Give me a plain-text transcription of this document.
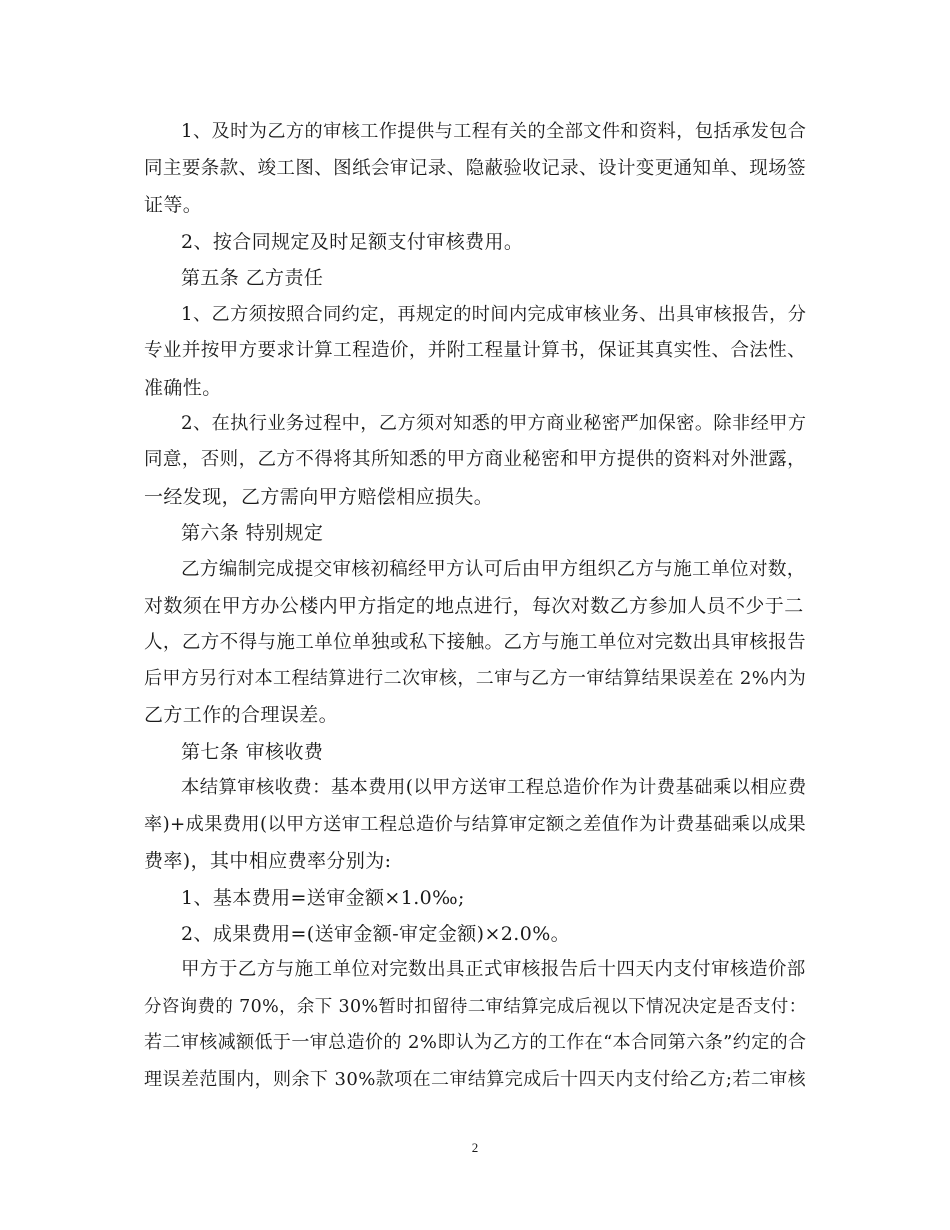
1、及时为乙方的审核工作提供与工程有关的全部文件和资料，包括承发包合
同主要条款、竣工图、图纸会审记录、隐蔽验收记录、设计变更通知单、现场签
证等。
2、按合同规定及时足额支付审核费用。
第五条 乙方责任
1、乙方须按照合同约定，再规定的时间内完成审核业务、出具审核报告，分
专业并按甲方要求计算工程造价，并附工程量计算书，保证其真实性、合法性、
准确性。
2、在执行业务过程中，乙方须对知悉的甲方商业秘密严加保密。除非经甲方
同意，否则，乙方不得将其所知悉的甲方商业秘密和甲方提供的资料对外泄露，
一经发现，乙方需向甲方赔偿相应损失。
第六条 特别规定
乙方编制完成提交审核初稿经甲方认可后由甲方组织乙方与施工单位对数，
对数须在甲方办公楼内甲方指定的地点进行，每次对数乙方参加人员不少于二
人，乙方不得与施工单位单独或私下接触。乙方与施工单位对完数出具审核报告
后甲方另行对本工程结算进行二次审核，二审与乙方一审结算结果误差在 2%内为
乙方工作的合理误差。
第七条 审核收费
本结算审核收费：基本费用(以甲方送审工程总造价作为计费基础乘以相应费
率)+成果费用(以甲方送审工程总造价与结算审定额之差值作为计费基础乘以成果
费率)，其中相应费率分别为:
1、基本费用=送审金额×1.0‰;
2、成果费用=(送审金额-审定金额)×2.0%。
甲方于乙方与施工单位对完数出具正式审核报告后十四天内支付审核造价部
分咨询费的 70%，余下 30%暂时扣留待二审结算完成后视以下情况决定是否支付：
若二审核减额低于一审总造价的 2%即认为乙方的工作在“本合同第六条”约定的合
理误差范围内，则余下 30%款项在二审结算完成后十四天内支付给乙方;若二审核
2
